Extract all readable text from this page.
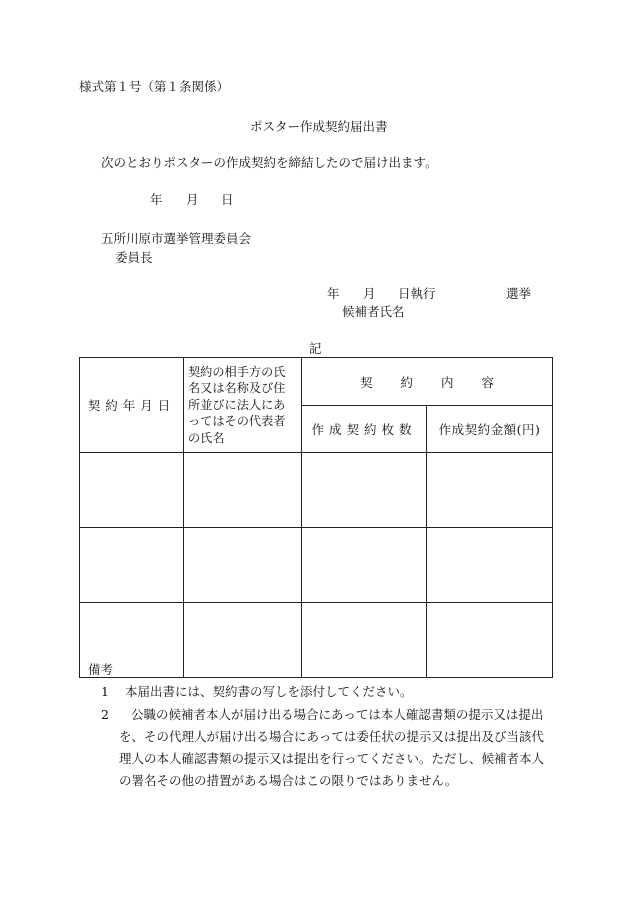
様式第１号（第１条関係）
ポスター作成契約届出書
次のとおりポスターの作成契約を締結したので届け出ます。
年 月 日
五所川原市選挙管理委員会
委員長
年 月 日執行	選挙
候補者氏名
記
契約年月日	契約の相手方の氏名又は名称及び住所並びに法人にあってはその代表者の氏名	契約内容	
		作成契約枚数	作成契約金額(円)

備考
1 本届出書には、契約書の写しを添付してください。
2	公職の候補者本人が届け出る場合にあっては本人確認書類の提示又は提出を、その代理人が届け出る場合にあっては委任状の提示又は提出及び当該代理人の本人確認書類の提示又は提出を行ってください。ただし、候補者本人の署名その他の措置がある場合はこの限りではありません。
